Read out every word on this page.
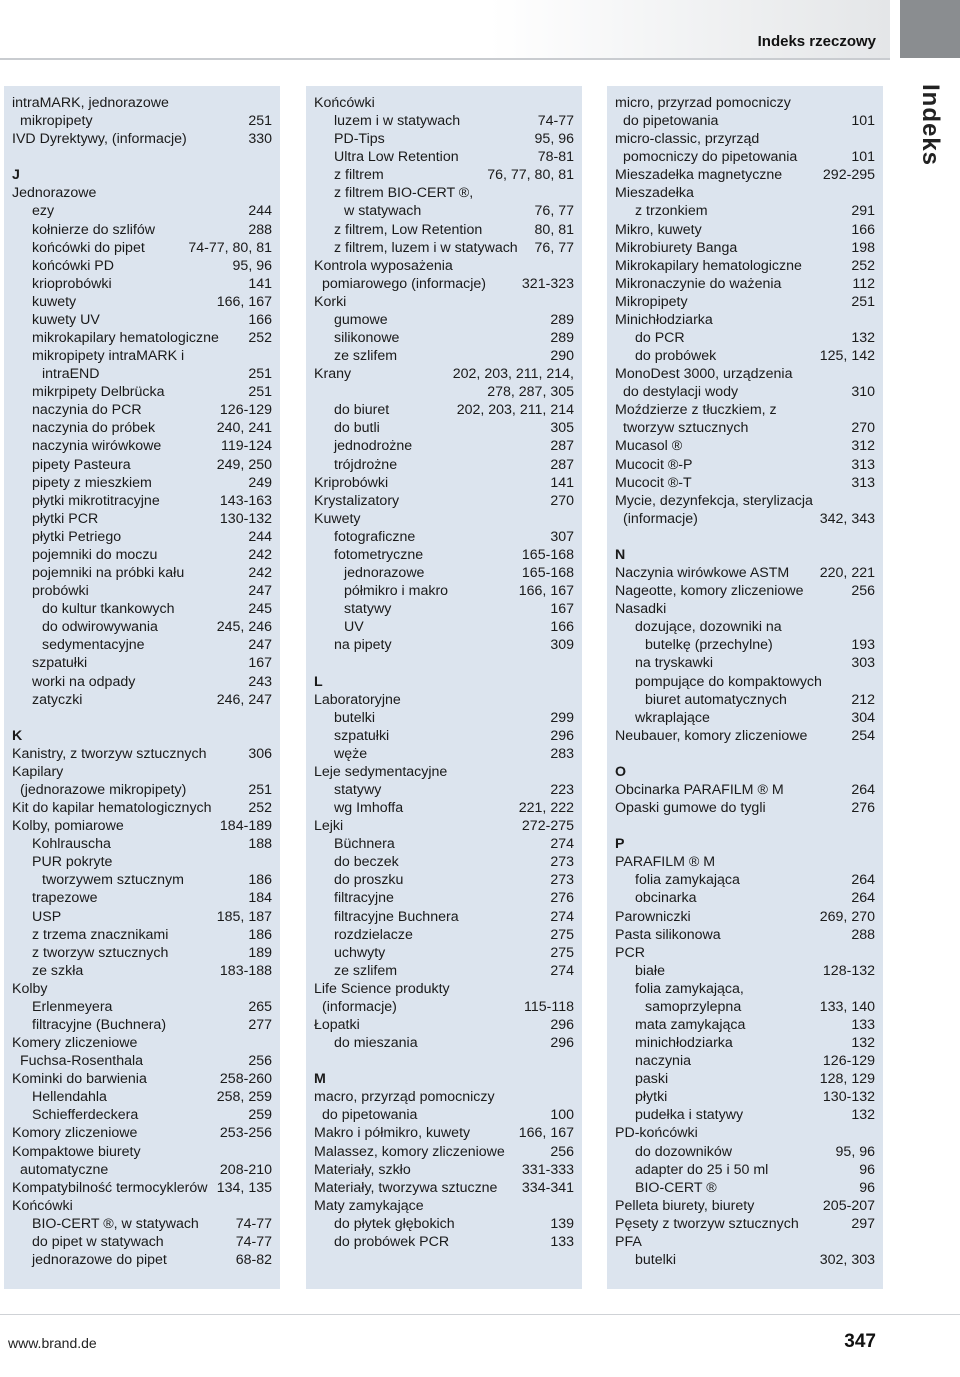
Indeks rzeczowy
Indeks
intraMARK, jednorazowe
mikropipety	251
IVD Dyrektywy, (informacje)	330
J
Jednorazowe
ezy	244
kołnierze do szlifów	288
końcówki do pipet	74-77, 80, 81
końcówki PD	95, 96
krioprobówki	141
kuwety	166, 167
kuwety UV	166
mikrokapilary hematologiczne 252
mikropipety intraMARK i
intraEND	251
mikrpipety Delbrücka	251
naczynia do PCR	126-129
naczynia do próbek	240, 241
naczynia wirówkowe	119-124
pipety Pasteura	249, 250
pipety z mieszkiem	249
płytki mikrotitracyjne	143-163
płytki PCR	130-132
płytki Petriego	244
pojemniki do moczu	242
pojemniki na próbki kału	242
probówki	247
do kultur tkankowych	245
do odwirowywania	245, 246
sedymentacyjne	247
szpatułki	167
worki na odpady	243
zatyczki	246, 247
K
Kanistry, z tworzyw sztucznych	306
Kapilary
(jednorazowe mikropipety)	251
Kit do kapilar hematologicznych	252
Kolby, pomiarowe	184-189
Kohlrauscha	188
PUR pokryte
tworzywem sztucznym	186
trapezowe	184
USP	185, 187
z trzema znacznikami	186
z tworzyw sztucznych	189
ze szkła	183-188
Kolby
Erlenmeyera	265
filtracyjne (Buchnera)	277
Komery zliczeniowe
Fuchsa-Rosenthala	256
Kominki do barwienia	258-260
Hellendahla	258, 259
Schiefferdeckera	259
Komory zliczeniowe	253-256
Kompaktowe biurety
automatyczne	208-210
Kompatybilność termocyklerów 134, 135
Końcówki
BIO-CERT ®, w statywach	74-77
do pipet w statywach	74-77
jednorazowe do pipet	68-82
Końcówki
luzem i w statywach	74-77
PD-Tips	95, 96
Ultra Low Retention	78-81
z filtrem	76, 77, 80, 81
z filtrem BIO-CERT ®,
w statywach	76, 77
z filtrem, Low Retention	80, 81
z filtrem, luzem i w statywach 76, 77
Kontrola wyposażenia
pomiarowego (informacje)	321-323
Korki
gumowe	289
silikonowe	289
ze szlifem	290
Krany	202, 203, 211, 214,
278, 287, 305
do biuret	202, 203, 211, 214
do butli	305
jednodrożne	287
trójdrożne	287
Kriprobówki	141
Krystalizatory	270
Kuwety
fotograficzne	307
fotometryczne	165-168
jednorazowe	165-168
półmikro i makro	166, 167
statywy	167
UV	166
na pipety	309
L
Laboratoryjne
butelki	299
szpatułki	296
węże	283
Leje sedymentacyjne
statywy	223
wg Imhoffa	221, 222
Lejki	272-275
Büchnera	274
do beczek	273
do proszku	273
filtracyjne	276
filtracyjne Buchnera	274
rozdzielacze	275
uchwyty	275
ze szlifem	274
Life Science produkty
(informacje)	115-118
Łopatki	296
do mieszania	296
M
macro, przyrząd pomocniczy
do pipetowania	100
Makro i półmikro, kuwety	166, 167
Malassez, komory zliczeniowe	256
Materiały, szkło	331-333
Materiały, tworzywa sztuczne 334-341
Maty zamykające
do płytek głębokich	139
do probówek PCR	133
micro, przyrzad pomocniczy
do pipetowania	101
micro-classic, przyrząd
pomocniczy do pipetowania	101
Mieszadełka magnetyczne	292-295
Mieszadełka
z trzonkiem	291
Mikro, kuwety	166
Mikrobiurety Banga	198
Mikrokapilary hematologiczne	252
Mikronaczynie do ważenia	112
Mikropipety	251
Minichłodziarka
do PCR	132
do probówek	125, 142
MonoDest 3000, urządzenia
do destylacji wody	310
Moździerze z tłuczkiem, z
tworzyw sztucznych	270
Mucasol ®	312
Mucocit ®-P	313
Mucocit ®-T	313
Mycie, dezynfekcja, sterylizacja
(informacje)	342, 343
N
Naczynia wirówkowe ASTM 220, 221
Nageotte, komory zliczeniowe	256
Nasadki
dozujące, dozowniki na
butelkę (przechylne)	193
na tryskawki	303
pompujące do kompaktowych
biuret automatycznych	212
wkraplające	304
Neubauer, komory zliczeniowe	254
O
Obcinarka PARAFILM ® M	264
Opaski gumowe do tygli	276
P
PARAFILM ® M
folia zamykająca	264
obcinarka	264
Parowniczki	269, 270
Pasta silikonowa	288
PCR
białe	128-132
folia zamykająca,
samoprzylepna	133, 140
mata zamykająca	133
minichłodziarka	132
naczynia	126-129
paski	128, 129
płytki	130-132
pudełka i statywy	132
PD-końcówki
do dozowników	95, 96
adapter do 25 i 50 ml	96
BIO-CERT ®	96
Pelleta biurety, biurety	205-207
Pęsety z tworzyw sztucznych	297
PFA
butelki	302, 303
www.brand.de	347
